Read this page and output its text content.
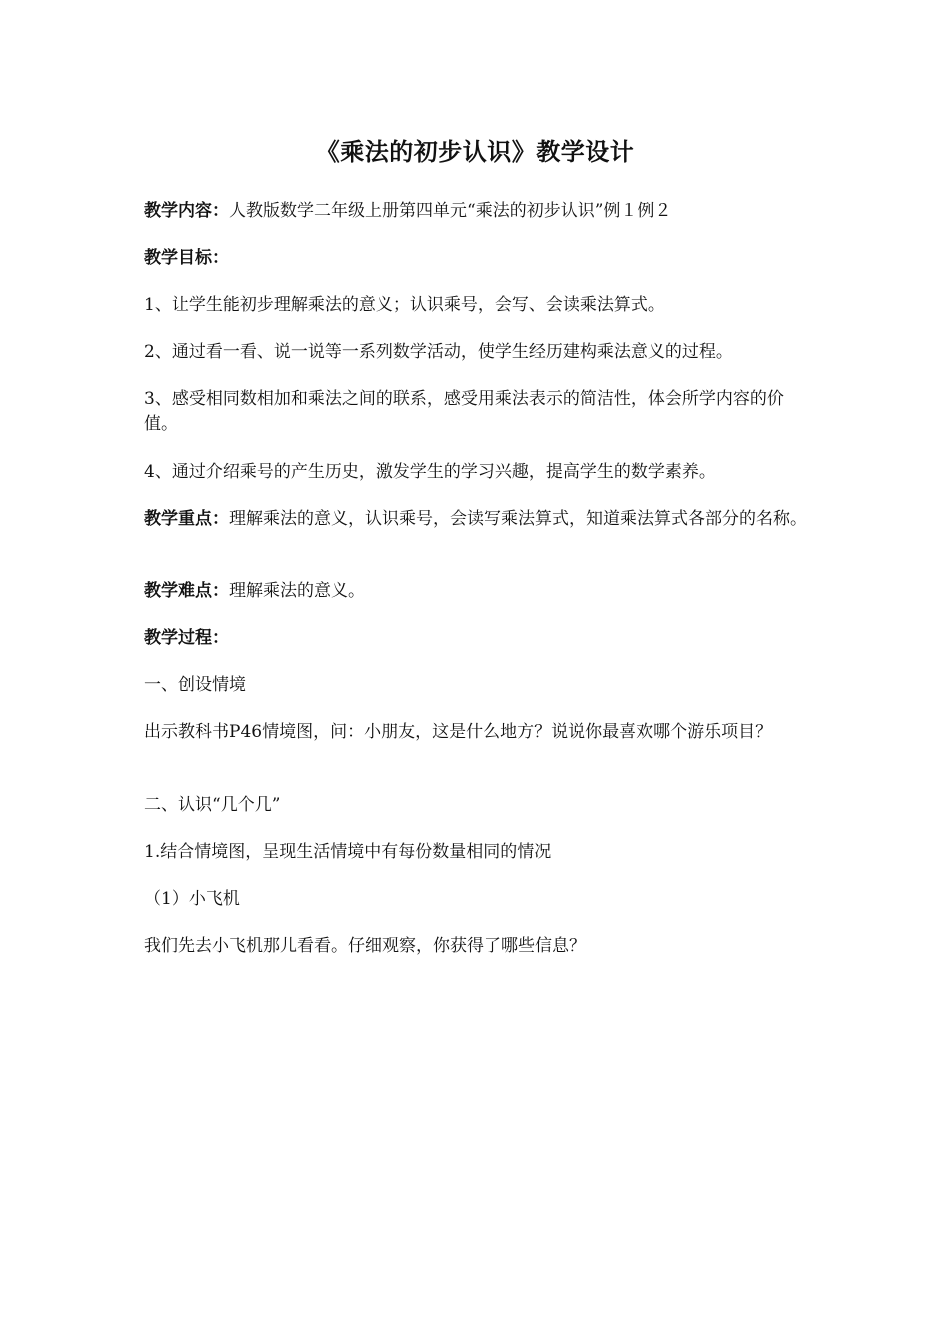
《乘法的初步认识》教学设计

教学内容：人教版数学二年级上册第四单元“乘法的初步认识”例１例２

教学目标：

1、让学生能初步理解乘法的意义；认识乘号，会写、会读乘法算式。

2、通过看一看、说一说等一系列数学活动，使学生经历建构乘法意义的过程。

3、感受相同数相加和乘法之间的联系，感受用乘法表示的简洁性，体会所学内容的价值。

4、通过介绍乘号的产生历史，激发学生的学习兴趣，提高学生的数学素养。

教学重点：理解乘法的意义，认识乘号，会读写乘法算式，知道乘法算式各部分的名称。

教学难点：理解乘法的意义。

教学过程：

一、创设情境

出示教科书P46情境图，问：小朋友，这是什么地方？说说你最喜欢哪个游乐项目？

二、认识“几个几”

1.结合情境图，呈现生活情境中有每份数量相同的情况

（1）小飞机

我们先去小飞机那儿看看。仔细观察，你获得了哪些信息？
